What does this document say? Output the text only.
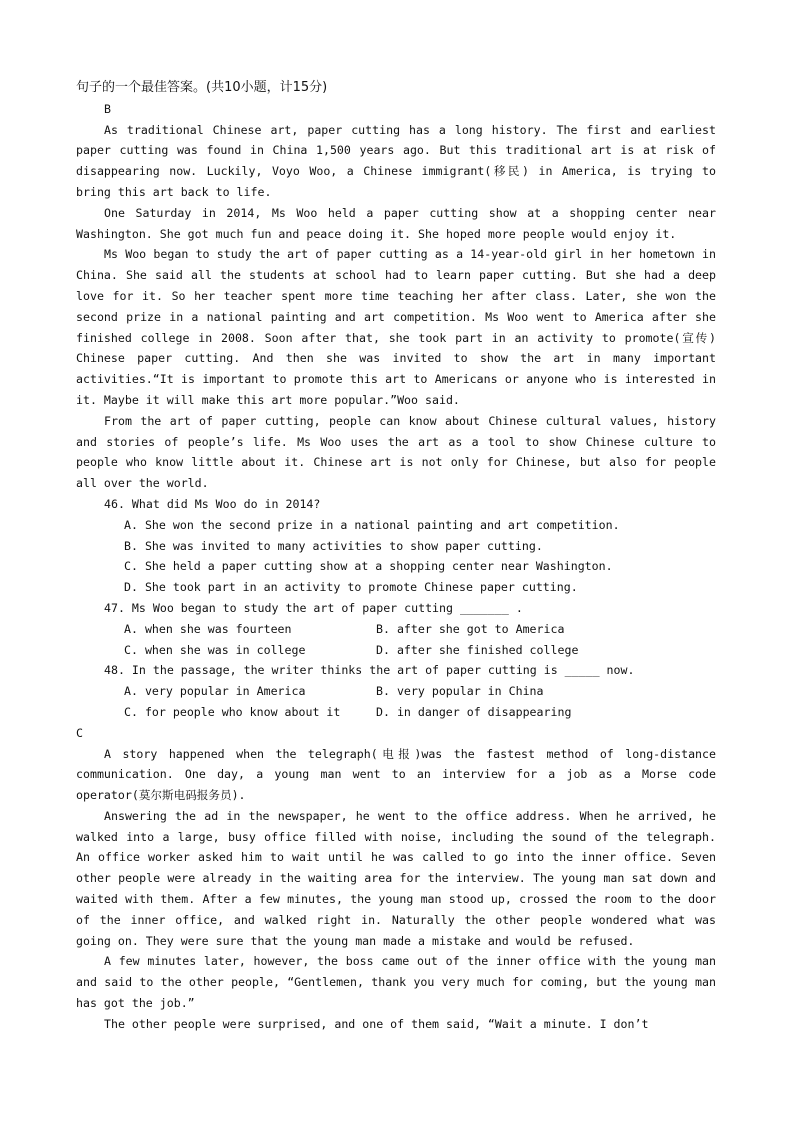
句子的一个最佳答案。(共10小题，计15分)
B

As traditional Chinese art, paper cutting has a long history. The first and earliest paper cutting was found in China 1,500 years ago. But this traditional art is at risk of disappearing now. Luckily, Voyo Woo, a Chinese immigrant(移民) in America, is trying to bring this art back to life.

One Saturday in 2014, Ms Woo held a paper cutting show at a shopping center near Washington. She got much fun and peace doing it. She hoped more people would enjoy it.

Ms Woo began to study the art of paper cutting as a 14-year-old girl in her hometown in China. She said all the students at school had to learn paper cutting. But she had a deep love for it. So her teacher spent more time teaching her after class. Later, she won the second prize in a national painting and art competition. Ms Woo went to America after she finished college in 2008. Soon after that, she took part in an activity to promote(宣传) Chinese paper cutting. And then she was invited to show the art in many important activities.“It is important to promote this art to Americans or anyone who is interested in it. Maybe it will make this art more popular.”Woo said.

From the art of paper cutting, people can know about Chinese cultural values, history and stories of people’s life. Ms Woo uses the art as a tool to show Chinese culture to people who know little about it. Chinese art is not only for Chinese, but also for people all over the world.

46. What did Ms Woo do in 2014?
A. She won the second prize in a national painting and art competition.
B. She was invited to many activities to show paper cutting.
C. She held a paper cutting show at a shopping center near Washington.
D. She took part in an activity to promote Chinese paper cutting.
47. Ms Woo began to study the art of paper cutting _______ .
A. when she was fourteen	B. after she got to America
C. when she was in college	D. after she finished college
48. In the passage, the writer thinks the art of paper cutting is _____ now.
A. very popular in America	B. very popular in China
C. for people who know about it	D. in danger of disappearing
C

A story happened when the telegraph(电报)was the fastest method of long-distance communication. One day, a young man went to an interview for a job as a Morse code operator(莫尔斯电码报务员).

Answering the ad in the newspaper, he went to the office address. When he arrived, he walked into a large, busy office filled with noise, including the sound of the telegraph. An office worker asked him to wait until he was called to go into the inner office. Seven other people were already in the waiting area for the interview. The young man sat down and waited with them. After a few minutes, the young man stood up, crossed the room to the door of the inner office, and walked right in. Naturally the other people wondered what was going on. They were sure that the young man made a mistake and would be refused.

A few minutes later, however, the boss came out of the inner office with the young man and said to the other people, “Gentlemen, thank you very much for coming, but the young man has got the job.”

The other people were surprised, and one of them said, “Wait a minute. I don’t
